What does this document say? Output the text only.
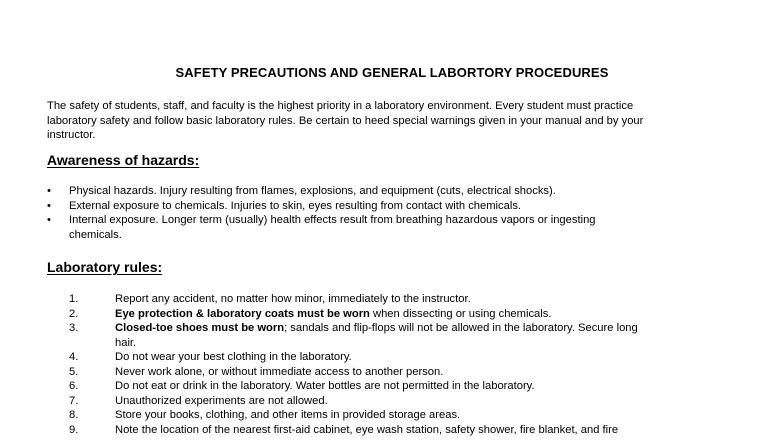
SAFETY PRECAUTIONS AND GENERAL LABORTORY PROCEDURES
The safety of students, staff, and faculty is the highest priority in a laboratory environment. Every student must practice
laboratory safety and follow basic laboratory rules. Be certain to heed special warnings given in your manual and by your
instructor.
Awareness of hazards:
• Physical hazards. Injury resulting from flames, explosions, and equipment (cuts, electrical shocks).
• External exposure to chemicals. Injuries to skin, eyes resulting from contact with chemicals.
• Internal exposure. Longer term (usually) health effects result from breathing hazardous vapors or ingesting
chemicals.
Laboratory rules:
1.	Report any accident, no matter how minor, immediately to the instructor.
2.	Eye protection & laboratory coats must be worn when dissecting or using chemicals.
3.	Closed-toe shoes must be worn; sandals and flip-flops will not be allowed in the laboratory. Secure long
hair.
4.	Do not wear your best clothing in the laboratory.
5.	Never work alone, or without immediate access to another person.
6.	Do not eat or drink in the laboratory. Water bottles are not permitted in the laboratory.
7.	Unauthorized experiments are not allowed.
8.	Store your books, clothing, and other items in provided storage areas.
9.	Note the location of the nearest first-aid cabinet, eye wash station, safety shower, fire blanket, and fire
